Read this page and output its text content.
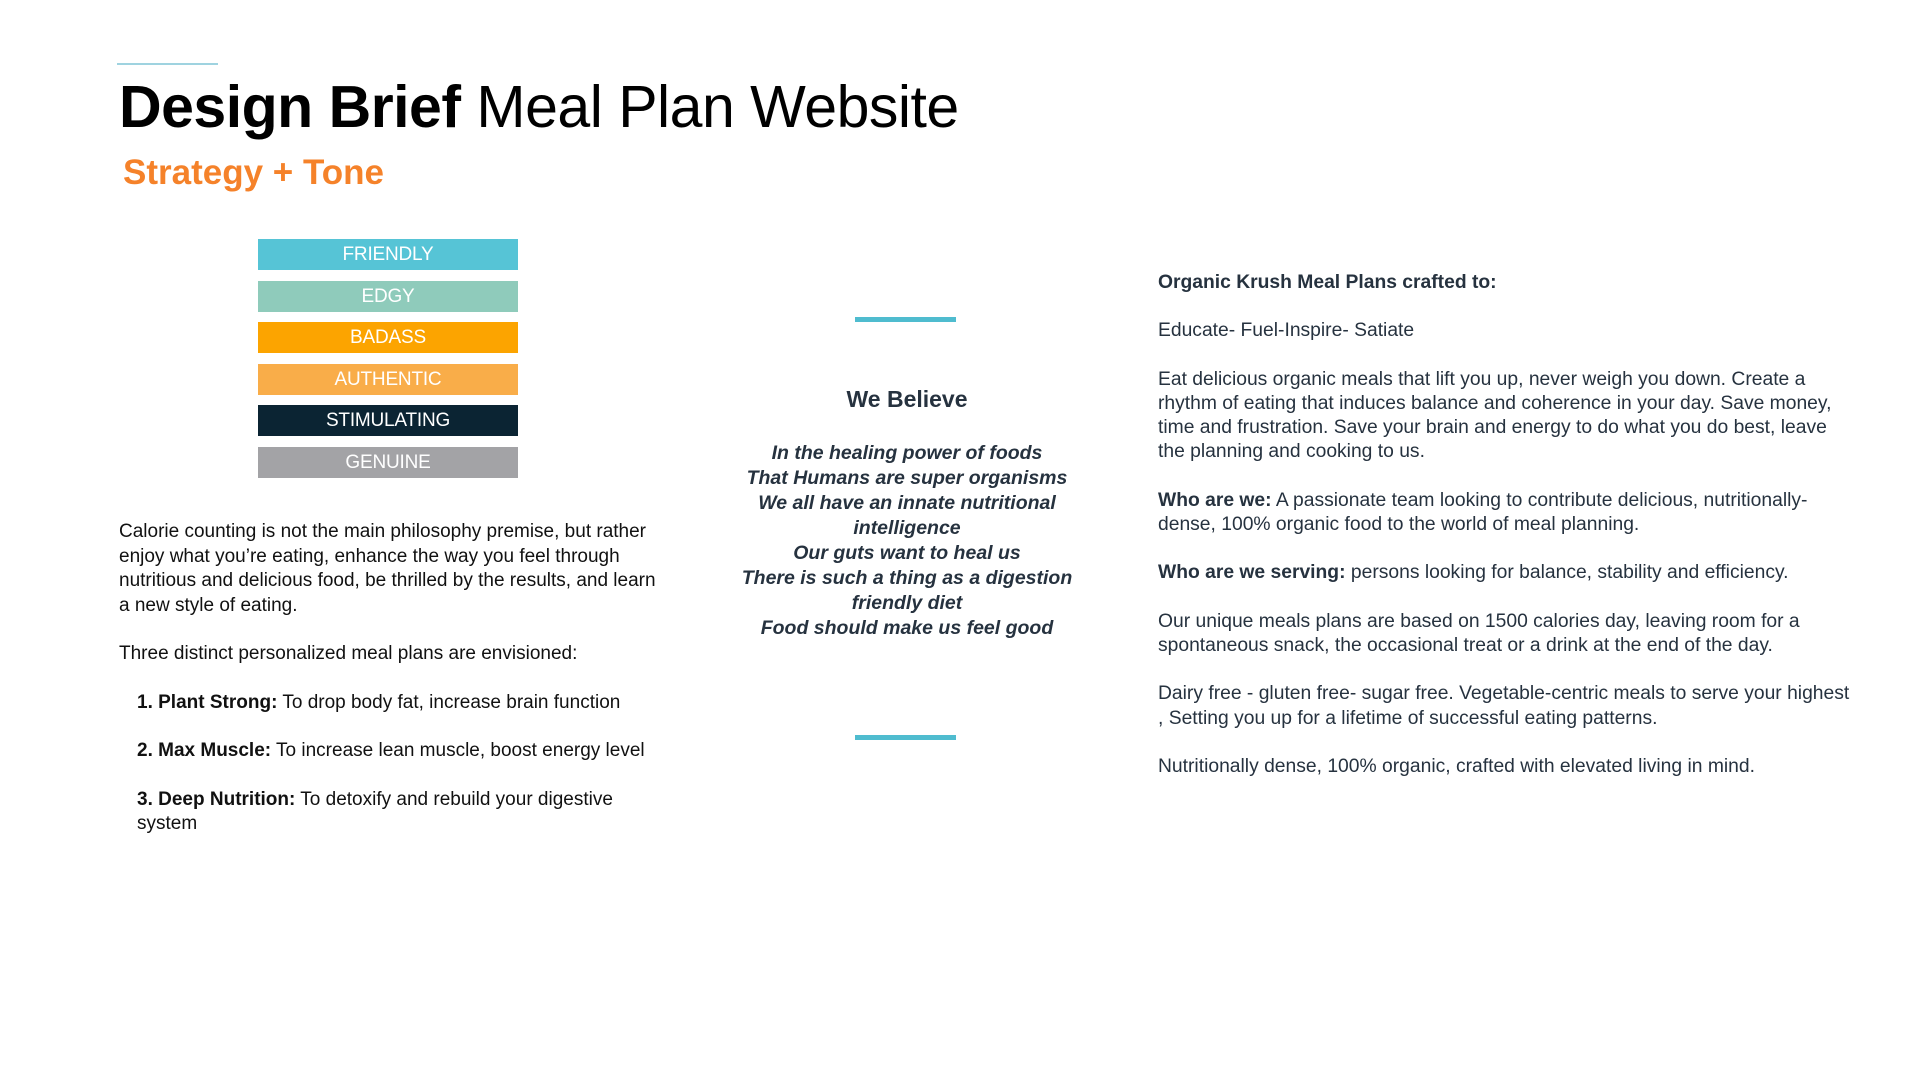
Design Brief Meal Plan Website
Strategy + Tone
FRIENDLY
EDGY
BADASS
AUTHENTIC
STIMULATING
GENUINE

Calorie counting is not the main philosophy premise, but rather enjoy what you’re eating, enhance the way you feel through nutritious and delicious food, be thrilled by the results, and learn a new style of eating.

Three distinct personalized meal plans are envisioned:

1. Plant Strong: To drop body fat, increase brain function
2. Max Muscle: To increase lean muscle, boost energy level
3. Deep Nutrition: To detoxify and rebuild your digestive system
We Believe
In the healing power of foods
That Humans are super organisms
We all have an innate nutritional intelligence
Our guts want to heal us
There is such a thing as a digestion friendly diet
Food should make us feel good

Organic Krush Meal Plans crafted to:

Educate- Fuel-Inspire- Satiate

Eat delicious organic meals that lift you up, never weigh you down. Create a rhythm of eating that induces balance and coherence in your day. Save money, time and frustration. Save your brain and energy to do what you do best, leave the planning and cooking to us.

Who are we: A passionate team looking to contribute delicious, nutritionally-dense, 100% organic food to the world of meal planning.

Who are we serving: persons looking for balance, stability and efficiency.

Our unique meals plans are based on 1500 calories day, leaving room for a spontaneous snack, the occasional treat or a drink at the end of the day.

Dairy free - gluten free- sugar free. Vegetable-centric meals to serve your highest , Setting you up for a lifetime of successful eating patterns.

Nutritionally dense, 100% organic, crafted with elevated living in mind.
